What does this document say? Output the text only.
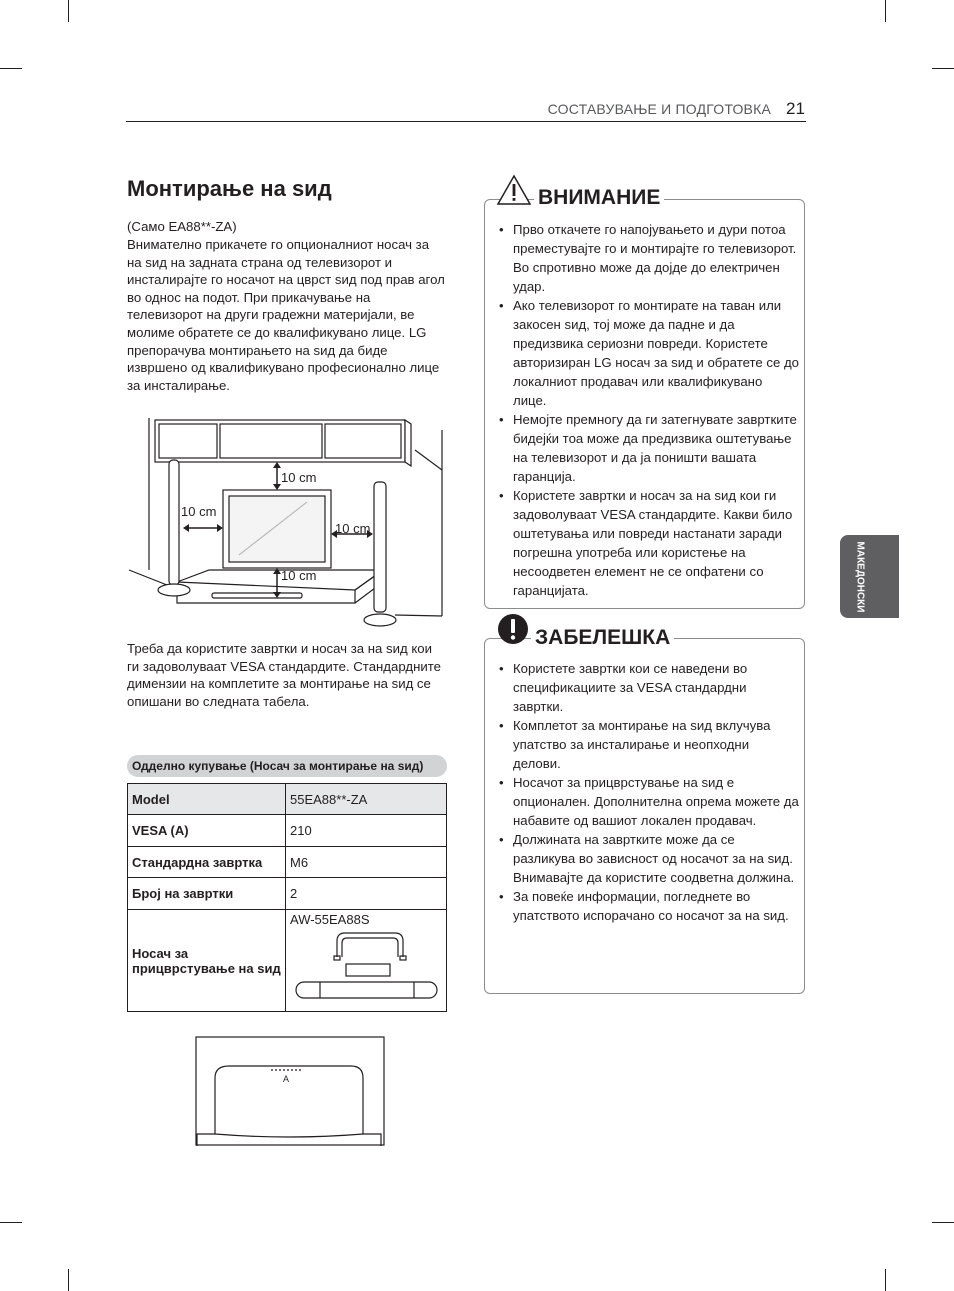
СОСТАВУВАЊЕ И ПОДГОТОВКА 21
МАКЕДОНСКИ
Монтирање на ѕид
(Само EA88**-ZA)
Внимателно прикачете го опционалниот носач за на ѕид на задната страна од телевизорот и инсталирајте го носачот на цврст ѕид под прав агол во однос на подот. При прикачување на телевизорот на други градежни материјали, ве молиме обратете се до квалификувано лице. LG препорачува монтирањето на ѕид да биде извршено од квалификувано професионално лице за инсталирање.
10 cm
10 cm
10 cm
10 cm
Треба да користите завртки и носач за на ѕид кои ги задоволуваат VESA стандардите. Стандардните димензии на комплетите за монтирање на ѕид се опишани во следната табела.
Одделно купување (Носач за монтирање на ѕид)
Model	55EA88**-ZA
VESA (A)	210
Стандардна завртка	M6
Број на завртки	2
Носач за прицврстување на ѕид	AW-55EA88S
A
• Прво откачете го напојувањето и дури потоа преместувајте го и монтирајте го телевизорот. Во спротивно може да дојде до електричен удар.
• Ако телевизорот го монтирате на таван или закосен ѕид, тој може да падне и да предизвика сериозни повреди. Користете авторизиран LG носач за ѕид и обратете се до локалниот продавач или квалификувано лице.
• Немојте премногу да ги затегнувате завртките бидејќи тоа може да предизвика оштетување на телевизорот и да ја поништи вашата гаранција.
• Користете завртки и носач за на ѕид кои ги задоволуваат VESA стандардите. Какви било оштетувања или повреди настанати заради погрешна употреба или користење на несоодветен елемент не се опфатени со гаранцијата.
ВНИМАНИЕ
• Користете завртки кои се наведени во спецификациите за VESA стандардни завртки.
• Комплетот за монтирање на ѕид вклучува упатство за инсталирање и неопходни делови.
• Носачот за прицврстување на ѕид е опционален. Дополнителна опрема можете да набавите од вашиот локален продавач.
• Должината на завртките може да се разликува во зависност од носачот за на ѕид. Внимавајте да користите соодветна должина.
• За повеќе информации, погледнете во упатството испорачано со носачот за на ѕид.
ЗАБЕЛЕШКА
